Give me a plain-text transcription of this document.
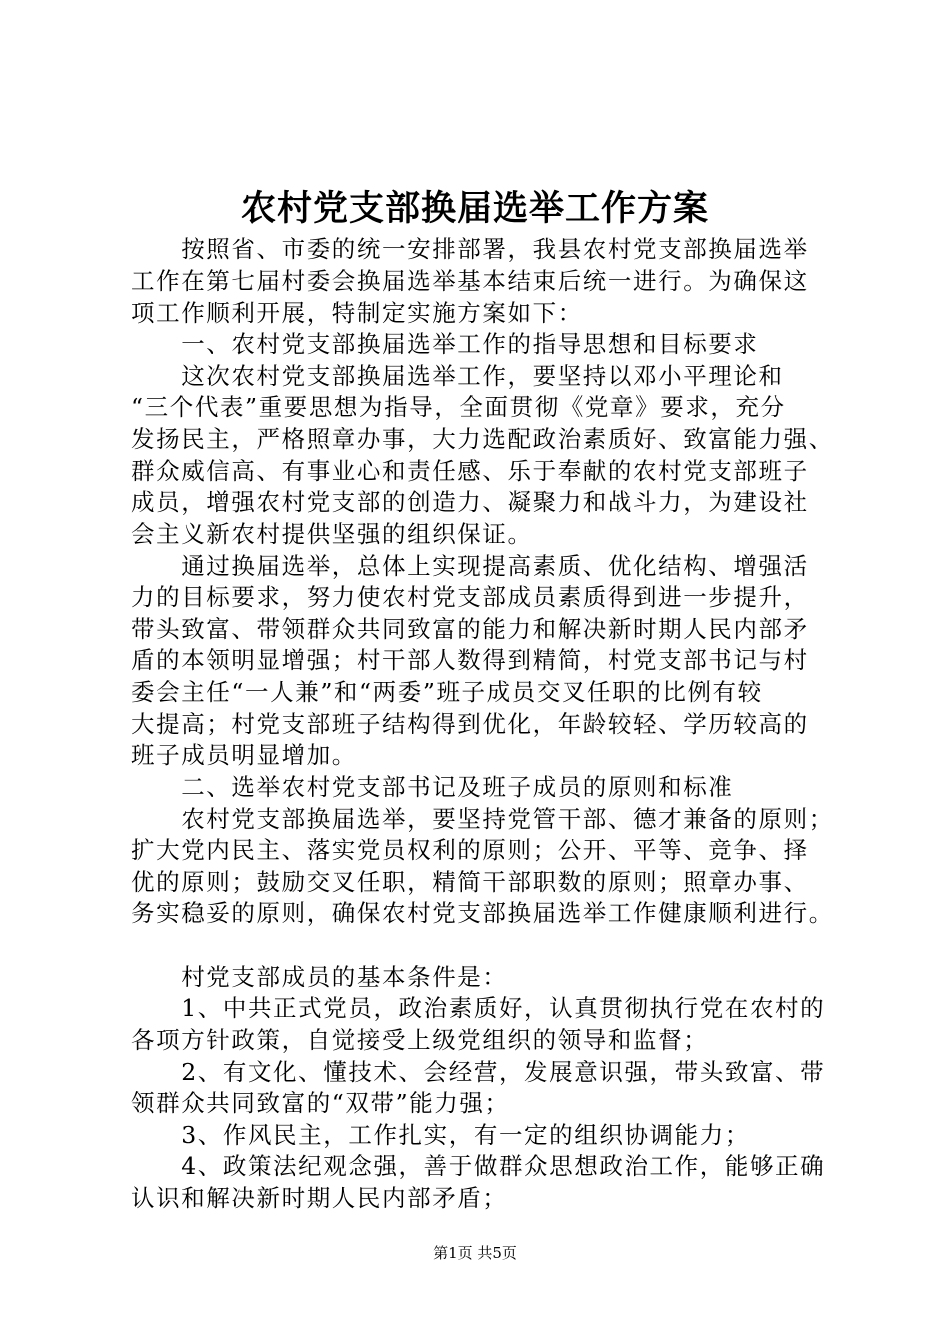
农村党支部换届选举工作方案
　　按照省、市委的统一安排部署，我县农村党支部换届选举
工作在第七届村委会换届选举基本结束后统一进行。为确保这
项工作顺利开展，特制定实施方案如下：
　　一、农村党支部换届选举工作的指导思想和目标要求
　　这次农村党支部换届选举工作，要坚持以邓小平理论和
“三个代表”重要思想为指导，全面贯彻《党章》要求，充分
发扬民主，严格照章办事，大力选配政治素质好、致富能力强、
群众威信高、有事业心和责任感、乐于奉献的农村党支部班子
成员，增强农村党支部的创造力、凝聚力和战斗力，为建设社
会主义新农村提供坚强的组织保证。
　　通过换届选举，总体上实现提高素质、优化结构、增强活
力的目标要求，努力使农村党支部成员素质得到进一步提升，
带头致富、带领群众共同致富的能力和解决新时期人民内部矛
盾的本领明显增强；村干部人数得到精简，村党支部书记与村
委会主任“一人兼”和“两委”班子成员交叉任职的比例有较
大提高；村党支部班子结构得到优化，年龄较轻、学历较高的
班子成员明显增加。
　　二、选举农村党支部书记及班子成员的原则和标准
　　农村党支部换届选举，要坚持党管干部、德才兼备的原则；
扩大党内民主、落实党员权利的原则；公开、平等、竞争、择
优的原则；鼓励交叉任职，精简干部职数的原则；照章办事、
务实稳妥的原则，确保农村党支部换届选举工作健康顺利进行。
　　村党支部成员的基本条件是：
　　1、中共正式党员，政治素质好，认真贯彻执行党在农村的
各项方针政策，自觉接受上级党组织的领导和监督；
　　2、有文化、懂技术、会经营，发展意识强，带头致富、带
领群众共同致富的“双带”能力强；
　　3、作风民主，工作扎实，有一定的组织协调能力；
　　4、政策法纪观念强，善于做群众思想政治工作，能够正确
认识和解决新时期人民内部矛盾；
第1页 共5页
